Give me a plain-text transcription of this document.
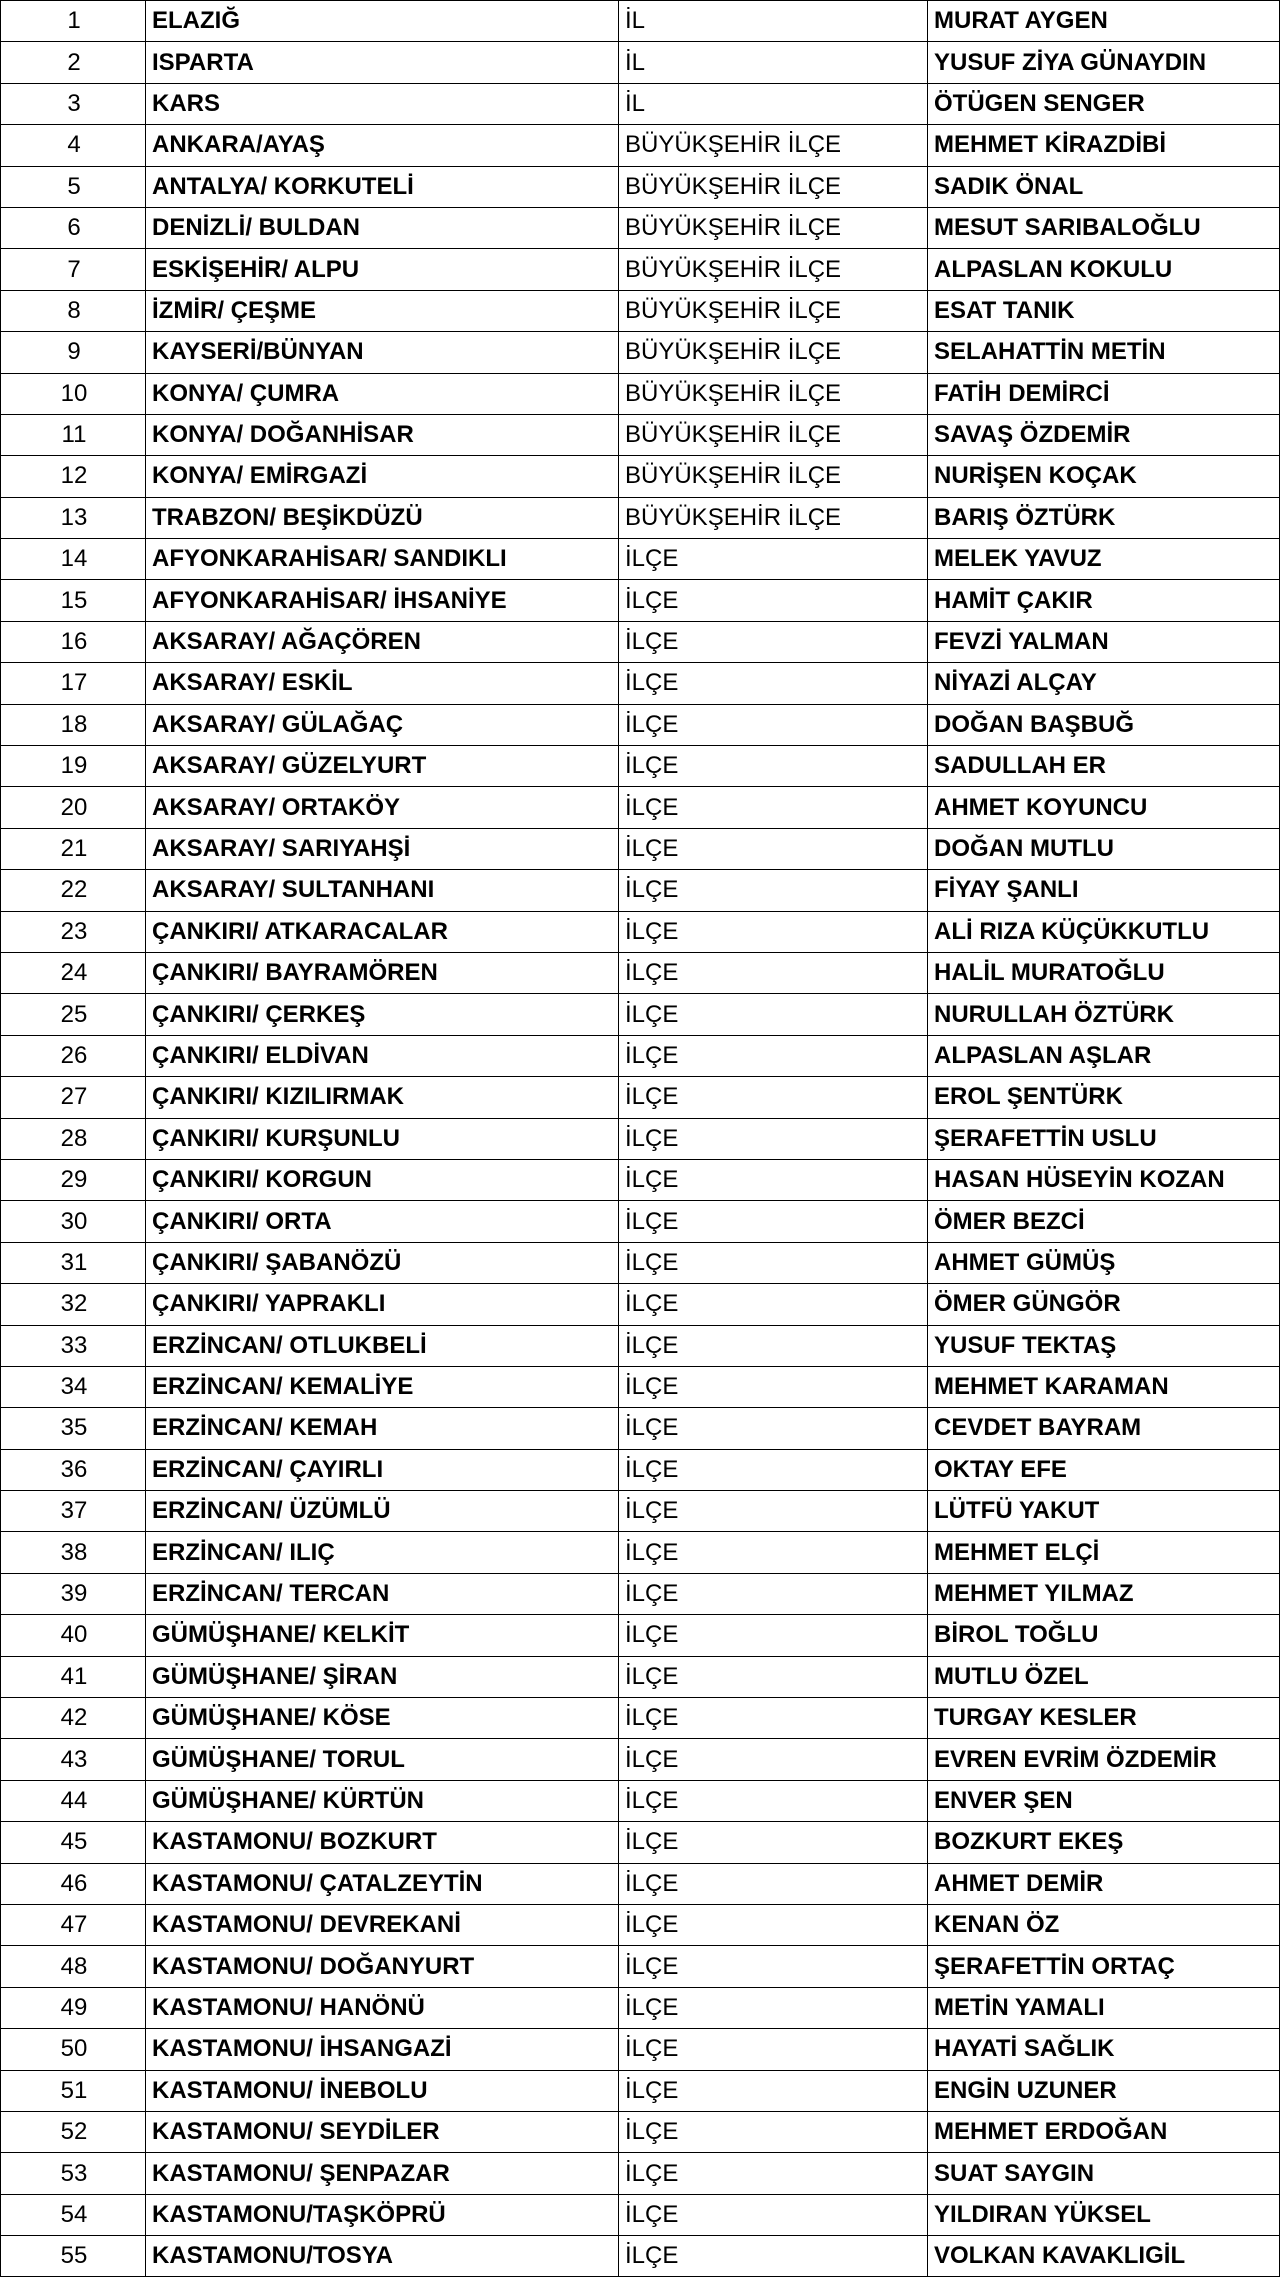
1	ELAZIĞ	İL	MURAT AYGEN
2	ISPARTA	İL	YUSUF ZİYA GÜNAYDIN
3	KARS	İL	ÖTÜGEN SENGER
4	ANKARA/AYAŞ	BÜYÜKŞEHİR İLÇE	MEHMET KİRAZDİBİ
5	ANTALYA/ KORKUTELİ	BÜYÜKŞEHİR İLÇE	SADIK ÖNAL
6	DENİZLİ/ BULDAN	BÜYÜKŞEHİR İLÇE	MESUT SARIBALOĞLU
7	ESKİŞEHİR/ ALPU	BÜYÜKŞEHİR İLÇE	ALPASLAN KOKULU
8	İZMİR/ ÇEŞME	BÜYÜKŞEHİR İLÇE	ESAT TANIK
9	KAYSERİ/BÜNYAN	BÜYÜKŞEHİR İLÇE	SELAHATTİN METİN
10	KONYA/ ÇUMRA	BÜYÜKŞEHİR İLÇE	FATİH DEMİRCİ
11	KONYA/ DOĞANHİSAR	BÜYÜKŞEHİR İLÇE	SAVAŞ ÖZDEMİR
12	KONYA/ EMİRGAZİ	BÜYÜKŞEHİR İLÇE	NURİŞEN KOÇAK
13	TRABZON/ BEŞİKDÜZÜ	BÜYÜKŞEHİR İLÇE	BARIŞ ÖZTÜRK
14	AFYONKARAHİSAR/ SANDIKLI	İLÇE	MELEK YAVUZ
15	AFYONKARAHİSAR/ İHSANİYE	İLÇE	HAMİT ÇAKIR
16	AKSARAY/ AĞAÇÖREN	İLÇE	FEVZİ YALMAN
17	AKSARAY/ ESKİL	İLÇE	NİYAZİ ALÇAY
18	AKSARAY/ GÜLAĞAÇ	İLÇE	DOĞAN BAŞBUĞ
19	AKSARAY/ GÜZELYURT	İLÇE	SADULLAH ER
20	AKSARAY/ ORTAKÖY	İLÇE	AHMET KOYUNCU
21	AKSARAY/ SARIYAHŞİ	İLÇE	DOĞAN MUTLU
22	AKSARAY/ SULTANHANI	İLÇE	FİYAY ŞANLI
23	ÇANKIRI/ ATKARACALAR	İLÇE	ALİ RIZA KÜÇÜKKUTLU
24	ÇANKIRI/ BAYRAMÖREN	İLÇE	HALİL MURATOĞLU
25	ÇANKIRI/ ÇERKEŞ	İLÇE	NURULLAH ÖZTÜRK
26	ÇANKIRI/ ELDİVAN	İLÇE	ALPASLAN AŞLAR
27	ÇANKIRI/ KIZILIRMAK	İLÇE	EROL ŞENTÜRK
28	ÇANKIRI/ KURŞUNLU	İLÇE	ŞERAFETTİN USLU
29	ÇANKIRI/ KORGUN	İLÇE	HASAN HÜSEYİN KOZAN
30	ÇANKIRI/ ORTA	İLÇE	ÖMER BEZCİ
31	ÇANKIRI/ ŞABANÖZÜ	İLÇE	AHMET GÜMÜŞ
32	ÇANKIRI/ YAPRAKLI	İLÇE	ÖMER GÜNGÖR
33	ERZİNCAN/ OTLUKBELİ	İLÇE	YUSUF TEKTAŞ
34	ERZİNCAN/ KEMALİYE	İLÇE	MEHMET KARAMAN
35	ERZİNCAN/ KEMAH	İLÇE	CEVDET BAYRAM
36	ERZİNCAN/ ÇAYIRLI	İLÇE	OKTAY EFE
37	ERZİNCAN/ ÜZÜMLÜ	İLÇE	LÜTFÜ YAKUT
38	ERZİNCAN/ ILIÇ	İLÇE	MEHMET ELÇİ
39	ERZİNCAN/ TERCAN	İLÇE	MEHMET YILMAZ
40	GÜMÜŞHANE/ KELKİT	İLÇE	BİROL TOĞLU
41	GÜMÜŞHANE/ ŞİRAN	İLÇE	MUTLU ÖZEL
42	GÜMÜŞHANE/ KÖSE	İLÇE	TURGAY KESLER
43	GÜMÜŞHANE/ TORUL	İLÇE	EVREN EVRİM ÖZDEMİR
44	GÜMÜŞHANE/ KÜRTÜN	İLÇE	ENVER ŞEN
45	KASTAMONU/ BOZKURT	İLÇE	BOZKURT EKEŞ
46	KASTAMONU/ ÇATALZEYTİN	İLÇE	AHMET DEMİR
47	KASTAMONU/ DEVREKANİ	İLÇE	KENAN ÖZ
48	KASTAMONU/ DOĞANYURT	İLÇE	ŞERAFETTİN ORTAÇ
49	KASTAMONU/ HANÖNÜ	İLÇE	METİN YAMALI
50	KASTAMONU/ İHSANGAZİ	İLÇE	HAYATİ SAĞLIK
51	KASTAMONU/ İNEBOLU	İLÇE	ENGİN UZUNER
52	KASTAMONU/ SEYDİLER	İLÇE	MEHMET ERDOĞAN
53	KASTAMONU/ ŞENPAZAR	İLÇE	SUAT SAYGIN
54	KASTAMONU/TAŞKÖPRÜ	İLÇE	YILDIRAN YÜKSEL
55	KASTAMONU/TOSYA	İLÇE	VOLKAN KAVAKLIGİL
